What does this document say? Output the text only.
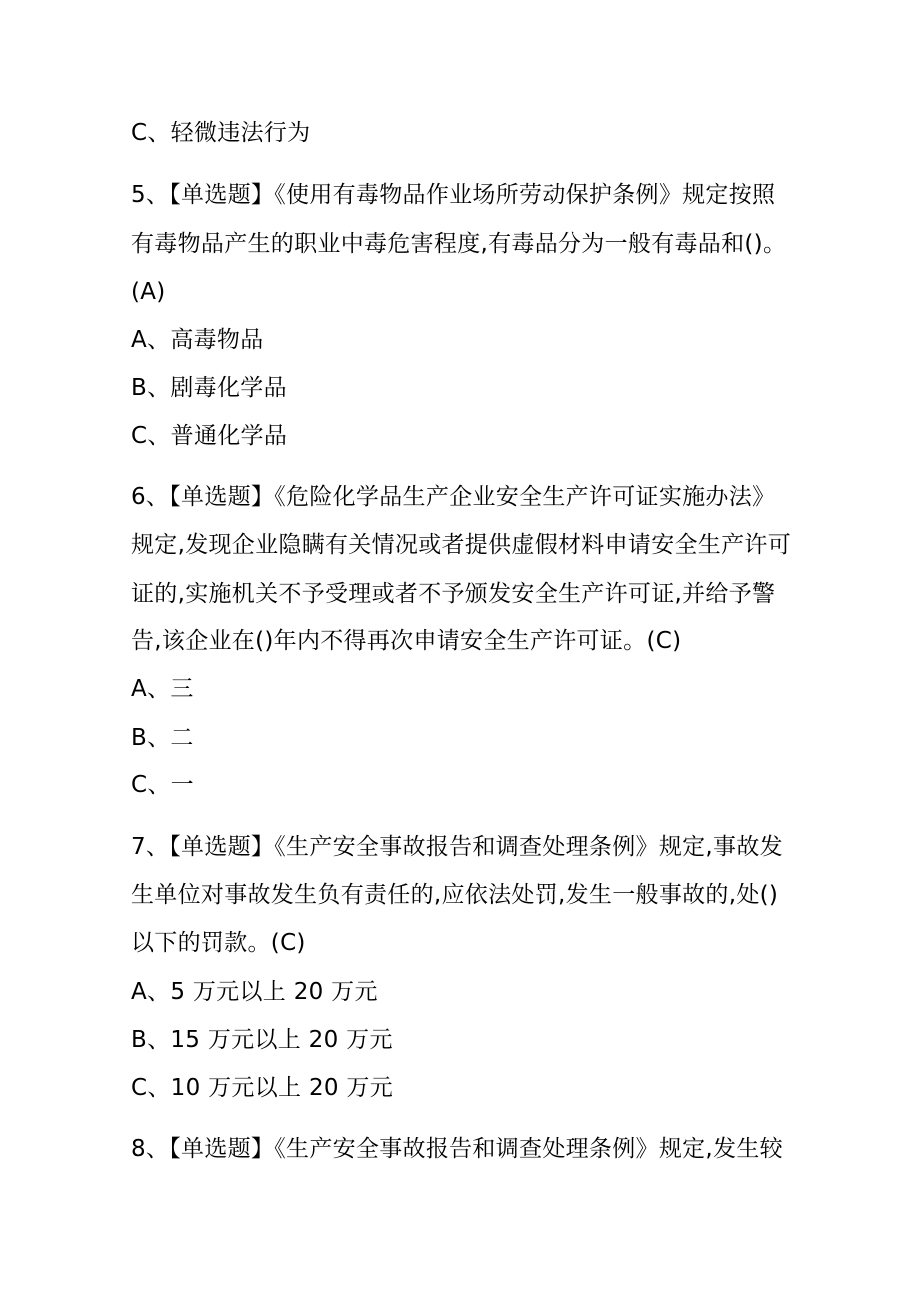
C、轻微违法行为
5、【单选题】《使用有毒物品作业场所劳动保护条例》规定按照
有毒物品产生的职业中毒危害程度,有毒品分为一般有毒品和()。
(A)
A、高毒物品
B、剧毒化学品
C、普通化学品
6、【单选题】《危险化学品生产企业安全生产许可证实施办法》
规定,发现企业隐瞒有关情况或者提供虚假材料申请安全生产许可
证的,实施机关不予受理或者不予颁发安全生产许可证,并给予警
告,该企业在()年内不得再次申请安全生产许可证。(C)
A、三
B、二
C、一
7、【单选题】《生产安全事故报告和调查处理条例》规定,事故发
生单位对事故发生负有责任的,应依法处罚,发生一般事故的,处()
以下的罚款。(C)
A、5 万元以上 20 万元
B、15 万元以上 20 万元
C、10 万元以上 20 万元
8、【单选题】《生产安全事故报告和调查处理条例》规定,发生较
